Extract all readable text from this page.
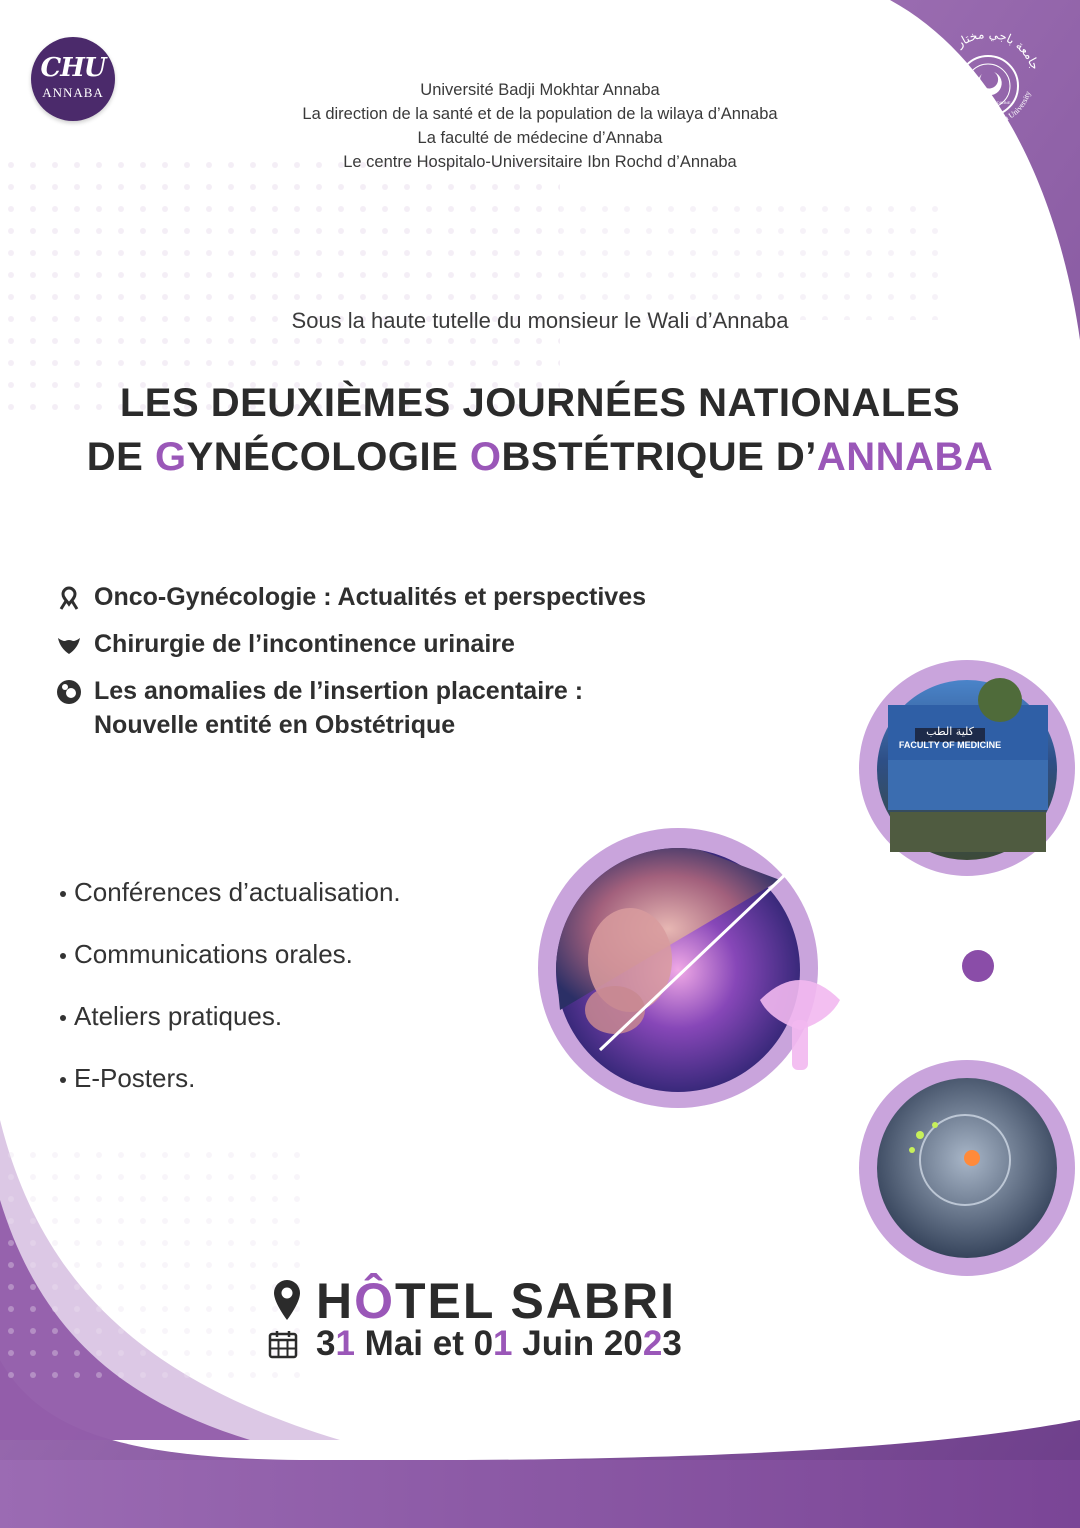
كلية الطب
FACULTY OF MEDICINE
CHU
ANNABA
جامعة باجي مختار عنابة
Badji Mokhtar – Annaba University
FACULTY OF MEDICINE
Université Badji Mokhtar Annaba
La direction de la santé et de la population de la wilaya d’Annaba
La faculté de médecine d’Annaba
Le centre Hospitalo-Universitaire Ibn Rochd d’Annaba
Sous la haute tutelle du monsieur le Wali d’Annaba
LES DEUXIÈMES JOURNÉES NATIONALES
DE GYNÉCOLOGIE OBSTÉTRIQUE D’ANNABA
Onco-Gynécologie : Actualités et perspectives
Chirurgie de l’incontinence urinaire
Les anomalies de l’insertion placentaire :
Nouvelle entité en Obstétrique
Conférences d’actualisation.
Communications orales.
Ateliers pratiques.
E-Posters.
HÔTEL SABRI
31 Mai et 01 Juin 2023
